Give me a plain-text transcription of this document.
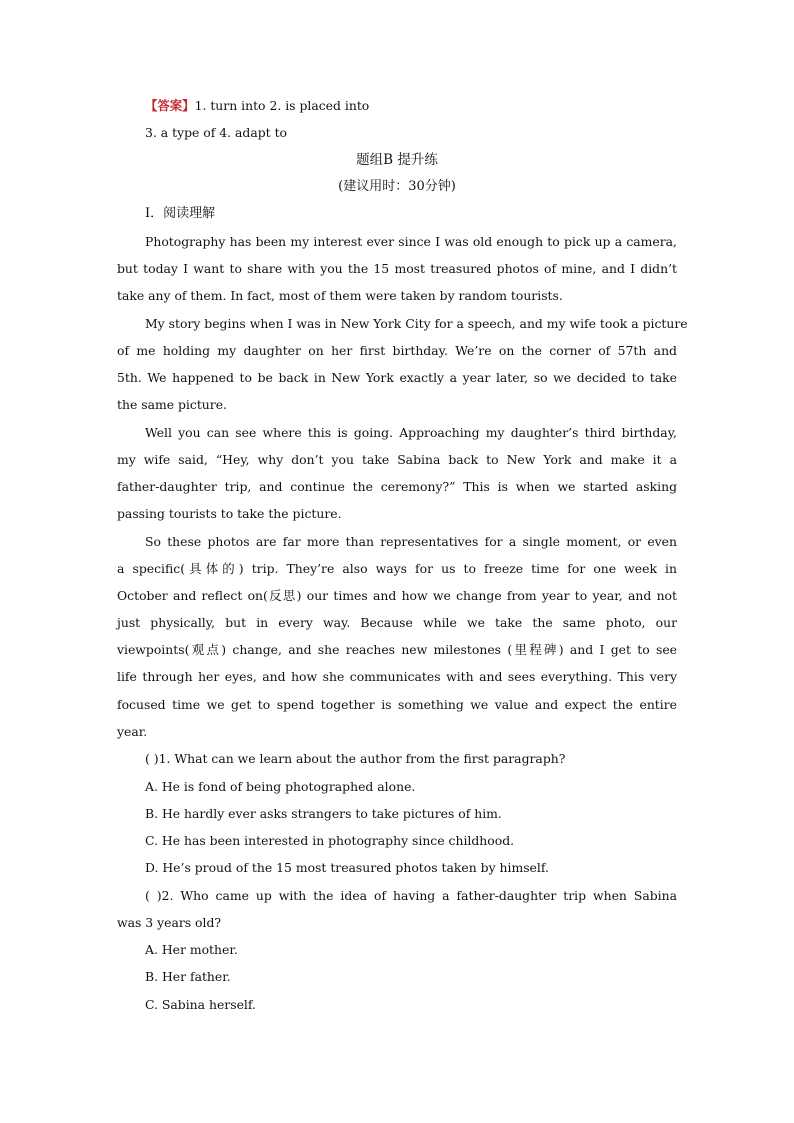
【答案】1. turn into 2. is placed into
3. a type of 4. adapt to
题组B 提升练
(建议用时：30分钟)
Ⅰ．阅读理解
Photography has been my interest ever since I was old enough to pick up a camera,
but today I want to share with you the 15 most treasured photos of mine, and I didn’t
take any of them. In fact, most of them were taken by random tourists.
My story begins when I was in New York City for a speech, and my wife took a picture
of me holding my daughter on her first birthday. We’re on the corner of 57th and
5th. We happened to be back in New York exactly a year later, so we decided to take
the same picture.
Well you can see where this is going. Approaching my daughter’s third birthday,
my wife said, “Hey, why don’t you take Sabina back to New York and make it a
father-daughter trip, and continue the ceremony?” This is when we started asking
passing tourists to take the picture.
So these photos are far more than representatives for a single moment, or even
a specific(具体的) trip. They’re also ways for us to freeze time for one week in
October and reflect on(反思) our times and how we change from year to year, and not
just physically, but in every way. Because while we take the same photo, our
viewpoints(观点) change, and she reaches new milestones (里程碑) and I get to see
life through her eyes, and how she communicates with and sees everything. This very
focused time we get to spend together is something we value and expect the entire
year.
( )1. What can we learn about the author from the first paragraph?
A. He is fond of being photographed alone.
B. He hardly ever asks strangers to take pictures of him.
C. He has been interested in photography since childhood.
D. He’s proud of the 15 most treasured photos taken by himself.
( )2. Who came up with the idea of having a father-daughter trip when Sabina
was 3 years old?
A. Her mother.
B. Her father.
C. Sabina herself.
